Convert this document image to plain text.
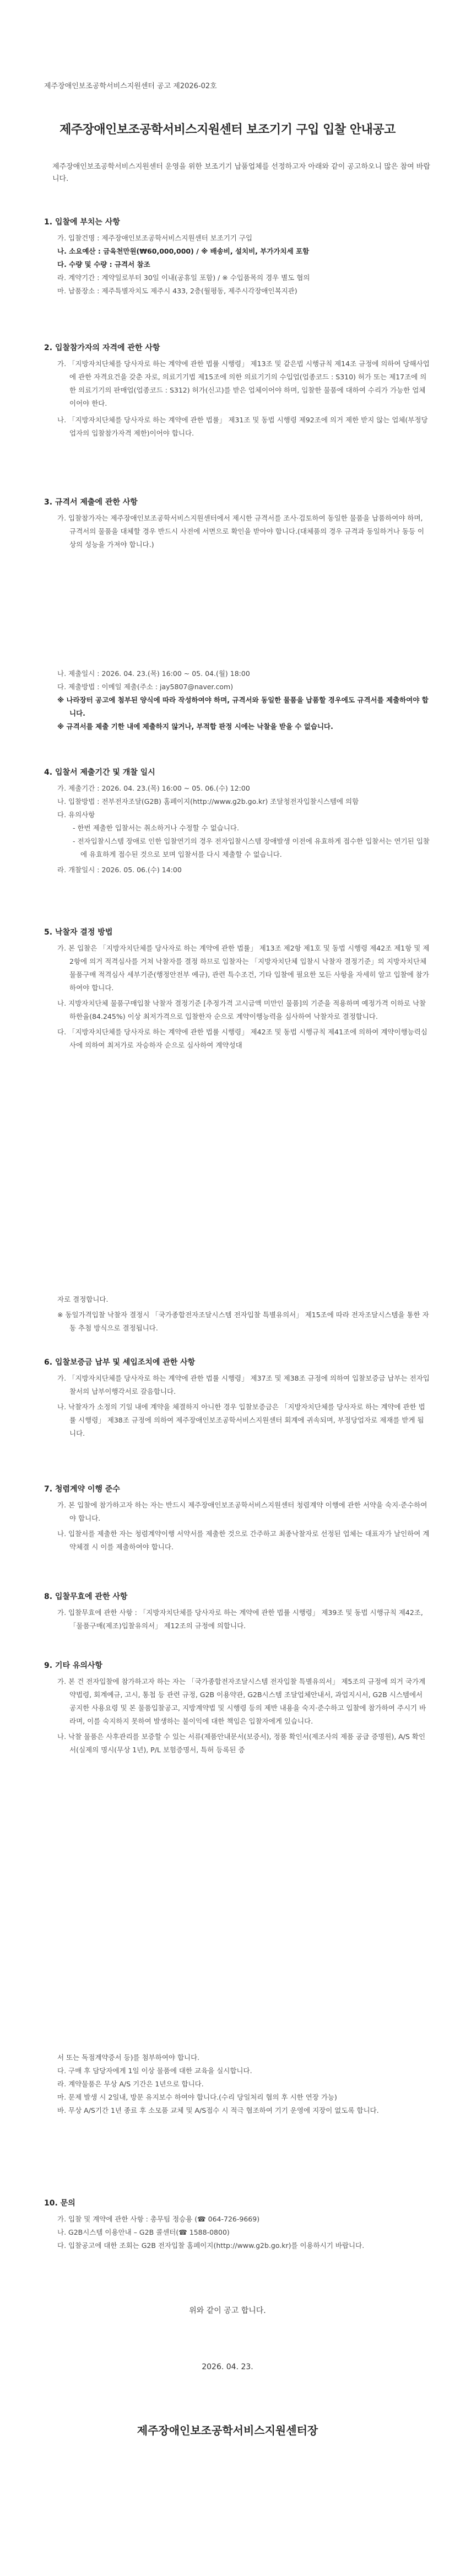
제주장애인보조공학서비스지원센터 공고 제2026-02호
제주장애인보조공학서비스지원센터 보조기기 구입 입찰 안내공고
제주장애인보조공학서비스지원센터 운영을 위한 보조기기 납품업체를 선정하고자 아래와 같이 공고하오니 많은 참여 바랍니다.
1. 입찰에 부치는 사항
가. 입찰건명 : 제주장애인보조공학서비스지원센터 보조기기 구입
나. 소요예산 : 금육천만원(₩60,000,000) / ※ 배송비, 설치비, 부가가치세 포함
다. 수량 및 수량 : 규격서 참조
라. 계약기간 : 계약일로부터 30일 이내(공휴일 포함) / ※ 수입품목의 경우 별도 협의
마. 납품장소 : 제주특별자치도 제주시 433, 2층(월평동, 제주시각장애인복지관)
2. 입찰참가자의 자격에 관한 사항
가. 「지방자치단체를 당사자로 하는 계약에 관한 법률 시행령」 제13조 및 같은법 시행규칙 제14조 규정에 의하여 당해사업에 관한 자격요건을 갖춘 자로, 의료기기법 제15조에 의한 의료기기의 수입업(업종코드 : S310) 허가 또는 제17조에 의한 의료기기의 판매업(업종코드 : S312) 허가(신고)를 받은 업체이어야 하며, 입찰한 물품에 대하여 수리가 가능한 업체이어야 한다.
나. 「지방자치단체를 당사자로 하는 계약에 관한 법률」 제31조 및 동법 시행령 제92조에 의거 제한 받지 않는 업체(부정당업자의 입찰참가자격 제한)이어야 합니다.
3. 규격서 제출에 관한 사항
가. 입찰참가자는 제주장애인보조공학서비스지원센터에서 제시한 규격서를 조사·검토하여 동일한 물품을 납품하여야 하며, 규격서의 물품을 대체할 경우 반드시 사전에 서면으로 확인을 받아야 합니다.(대체품의 경우 규격과 동일하거나 동등 이상의 성능을 가져야 합니다.)
나. 제출일시 : 2026. 04. 23.(목) 16:00 ~ 05. 04.(월) 18:00
다. 제출방법 : 이메일 제출(주소 : jay5807@naver.com)
※ 나라장터 공고에 첨부된 양식에 따라 작성하여야 하며, 규격서와 동일한 물품을 납품할 경우에도 규격서를 제출하여야 합니다.
※ 규격서를 제출 기한 내에 제출하지 않거나, 부적합 판정 시에는 낙찰을 받을 수 없습니다.
4. 입찰서 제출기간 및 개찰 일시
가. 제출기간 : 2026. 04. 23.(목) 16:00 ~ 05. 06.(수) 12:00
나. 입찰방법 : 전부전자조달(G2B) 홈페이지(http://www.g2b.go.kr) 조달청전자입찰시스템에 의함
다. 유의사항
- 한번 제출한 입찰서는 취소하거나 수정할 수 없습니다.
- 전자입찰시스템 장애로 인한 입찰연기의 경우 전자입찰시스템 장애발생 이전에 유효하게 접수한 입찰서는 연기된 입찰에 유효하게 접수된 것으로 보며 입찰서를 다시 제출할 수 없습니다.
라. 개찰일시 : 2026. 05. 06.(수) 14:00
5. 낙찰자 결정 방법
가. 본 입찰은 「지방자치단체를 당사자로 하는 계약에 관한 법률」 제13조 제2항 제1호 및 동법 시행령 제42조 제1항 및 제2항에 의거 적격심사를 거쳐 낙찰자를 결정 하므로 입찰자는 「지방자치단체 입찰시 낙찰자 결정기준」의 지방자치단체 물품구매 적격심사 세부기준(행정안전부 예규), 관련 특수조건, 기타 입찰에 필요한 모든 사항을 자세히 알고 입찰에 참가하여야 합니다.
나. 지방자치단체 물품구매입찰 낙찰자 결정기준 [추정가격 고시금액 미만인 물품]의 기준을 적용하며 예정가격 이하로 낙찰하한율(84.245%) 이상 최저가격으로 입찰한자 순으로 계약이행능력을 심사하여 낙찰자로 결정합니다.
다. 「지방자치단체를 당사자로 하는 계약에 관한 법률 시행령」 제42조 및 동법 시행규칙 제41조에 의하여 계약이행능력심사에 의하여 최저가로 자승하자 순으로 심사하여 계약성대
자로 결정합니다.
※ 동일가격입찰 낙찰자 결정시 「국가종합전자조달시스템 전자입찰 특별유의서」 제15조에 따라 전자조달시스템을 통한 자동 추첨 방식으로 결정됩니다.
6. 입찰보증금 납부 및 세입조치에 관한 사항
가. 「지방자치단체를 당사자로 하는 계약에 관한 법률 시행령」 제37조 및 제38조 규정에 의하여 입찰보증금 납부는 전자입찰서의 납부이행각서로 갈음합니다.
나. 낙찰자가 소정의 기일 내에 계약을 체결하지 아니한 경우 입찰보증금은 「지방자치단체를 당사자로 하는 계약에 관한 법률 시행령」 제38조 규정에 의하여 제주장애인보조공학서비스지원센터 회계에 귀속되며, 부정당업자로 제재를 받게 됩니다.
7. 청렴계약 이행 준수
가. 본 입찰에 참가하고자 하는 자는 반드시 제주장애인보조공학서비스지원센터 청렴계약 이행에 관한 서약을 숙지·준수하여야 합니다.
나. 입찰서를 제출한 자는 청렴계약이행 서약서를 제출한 것으로 간주하고 최종낙찰자로 선정된 업체는 대표자가 날인하여 계약체결 시 이를 제출하여야 합니다.
8. 입찰무효에 관한 사항
가. 입찰무효에 관한 사항 : 「지방자치단체를 당사자로 하는 계약에 관한 법률 시행령」 제39조 및 동법 시행규칙 제42조, 「물품구매(제조)입찰유의서」 제12조의 규정에 의합니다.
9. 기타 유의사항
가. 본 건 전자입찰에 참가하고자 하는 자는 「국가종합전자조달시스템 전자입찰 특별유의서」 제5조의 규정에 의거 국가계약법령, 회계예규, 고시, 통첩 등 관련 규정, G2B 이용약관, G2B시스템 조달업체안내서, 과업지시서, G2B 시스템에서 공지한 사용요령 및 본 물품입찰공고, 지방계약법 및 시행령 등의 제반 내용을 숙지·준수하고 입찰에 참가하여 주시기 바라며, 이를 숙지하지 못하여 발생하는 불이익에 대한 책임은 입찰자에게 있습니다.
나. 낙찰 물품은 사후관리를 보증할 수 있는 서류(제품안내문서(보증서), 정품 확인서(제조사의 제품 공급 증명원), A/S 확인서(실제의 명시(무상 1년), P/L 보험증명서, 특허 등록된 증
서 또는 독점계약증서 등)를 첨부하여야 합니다.
다. 구매 후 담당자에게 1일 이상 물품에 대한 교육을 실시합니다.
라. 계약물품은 무상 A/S 기간은 1년으로 합니다.
마. 문제 발생 시 2일내, 방문 유지보수 하여야 합니다.(수리 당일처리 협의 후 시한 연장 가능)
바. 무상 A/S기간 1년 종료 후 소모품 교체 및 A/S접수 시 적극 협조하여 기기 운영에 지장이 없도록 합니다.
10. 문의
가. 입찰 및 계약에 관한 사항 : 총무팀 정승용 (☎ 064-726-9669)
나. G2B시스템 이용안내 – G2B 콜센터(☎ 1588-0800)
다. 입찰공고에 대한 조회는 G2B 전자입찰 홈페이지(http://www.g2b.go.kr)를 이용하시기 바랍니다.
위와 같이 공고 합니다.
2026. 04. 23.
제주장애인보조공학서비스지원센터장
